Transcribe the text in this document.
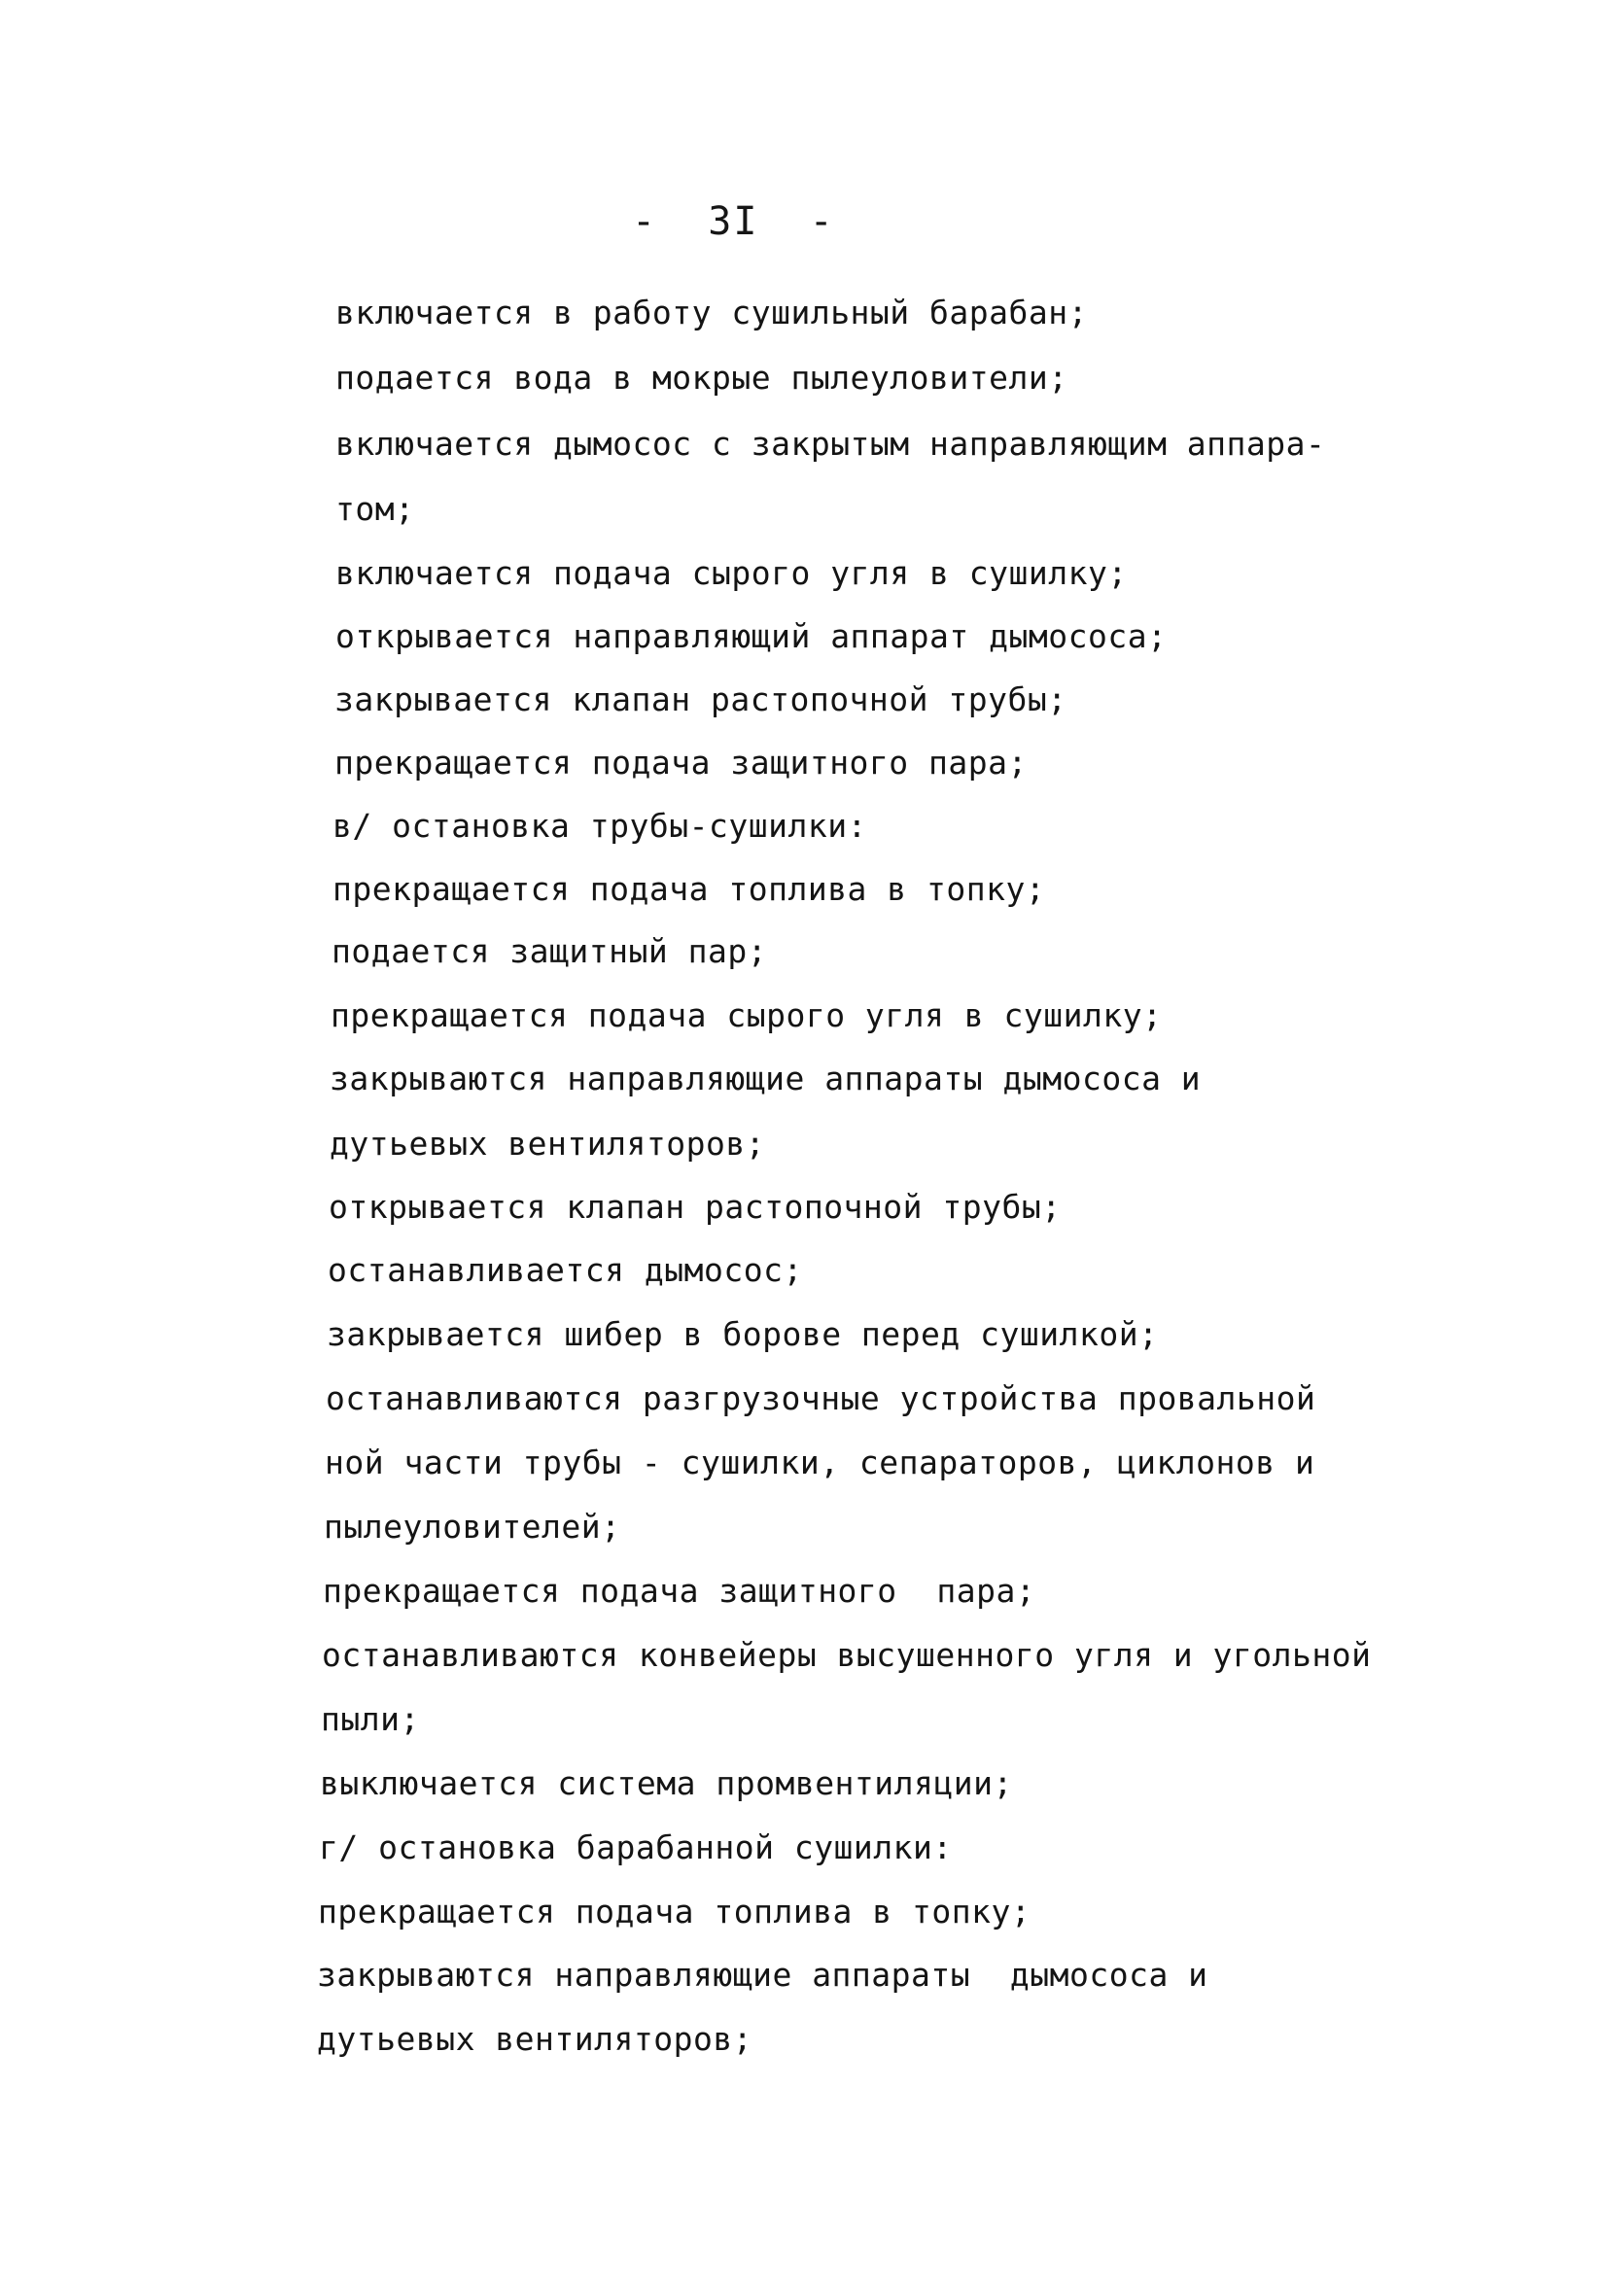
-  3I  -
включается в работу сушильный барабан;
подается вода в мокрые пылеуловители;
включается дымосос с закрытым направляющим аппара-
том;
включается подача сырого угля в сушилку;
открывается направляющий аппарат дымососа;
закрывается клапан растопочной трубы;
прекращается подача защитного пара;
в/ остановка трубы-сушилки:
прекращается подача топлива в топку;
подается защитный пар;
прекращается подача сырого угля в сушилку;
закрываются направляющие аппараты дымососа и
дутьевых вентиляторов;
открывается клапан растопочной трубы;
останавливается дымосос;
закрывается шибер в борове перед сушилкой;
останавливаются разгрузочные устройства провальной
ной части трубы - сушилки, сепараторов, циклонов и
пылеуловителей;
прекращается подача защитного  пара;
останавливаются конвейеры высушенного угля и угольной
пыли;
выключается система промвентиляции;
г/ остановка барабанной сушилки:
прекращается подача топлива в топку;
закрываются направляющие аппараты  дымососа и
дутьевых вентиляторов;
